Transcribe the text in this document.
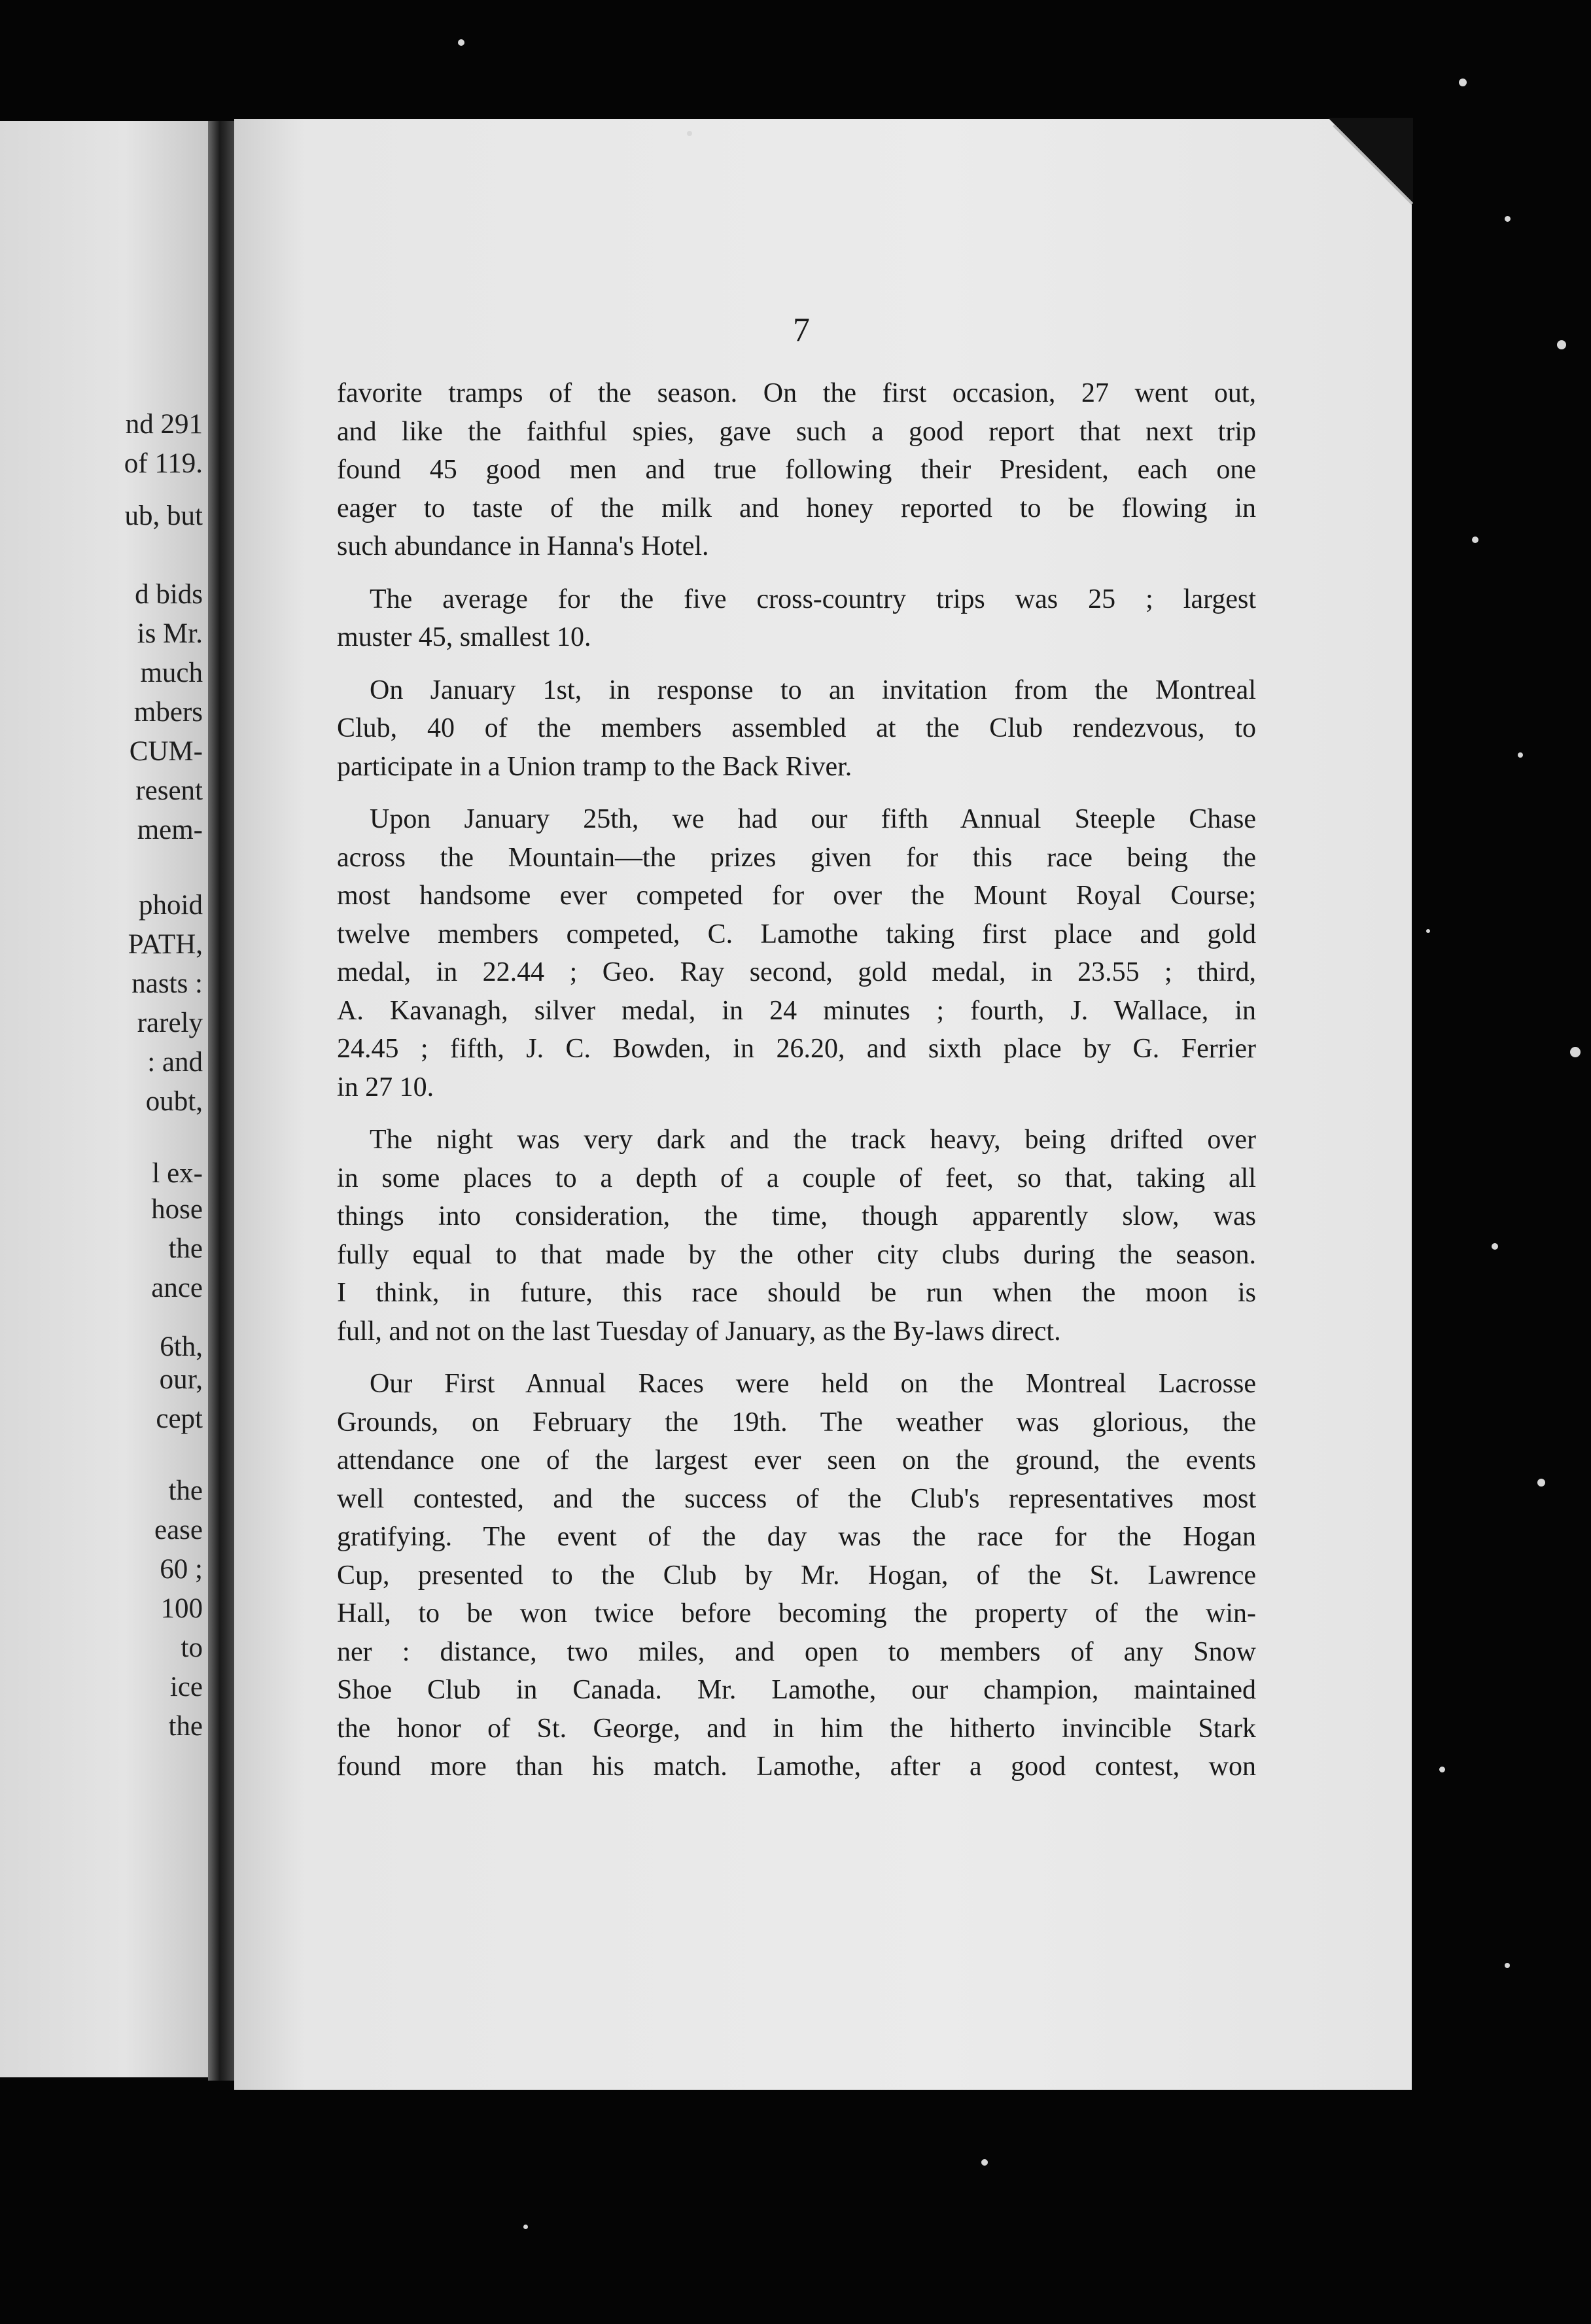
nd 291
of 119.
ub, but
d bids
is Mr.
much
mbers
CUM-
resent
mem-
phoid
PATH,
nasts :
rarely
: and
oubt,
l ex-
hose
the
ance
6th,
our,
cept
the
ease
60 ;
100
to
ice
the
7

favorite tramps of the season. On the first occasion, 27 went out,
and like the faithful spies, gave such a good report that next trip
found 45 good men and true following their President, each one
eager to taste of the milk and honey reported to be flowing in
such abundance in Hanna's Hotel.

The average for the five cross-country trips was 25 ; largest
muster 45, smallest 10.

On January 1st, in response to an invitation from the Montreal
Club, 40 of the members assembled at the Club rendezvous, to
participate in a Union tramp to the Back River.

Upon January 25th, we had our fifth Annual Steeple Chase
across the Mountain—the prizes given for this race being the
most handsome ever competed for over the Mount Royal Course;
twelve members competed, C. Lamothe taking first place and gold
medal, in 22.44 ; Geo. Ray second, gold medal, in 23.55 ; third,
A. Kavanagh, silver medal, in 24 minutes ; fourth, J. Wallace, in
24.45 ; fifth, J. C. Bowden, in 26.20, and sixth place by G. Ferrier
in 27 10.

The night was very dark and the track heavy, being drifted over
in some places to a depth of a couple of feet, so that, taking all
things into consideration, the time, though apparently slow, was
fully equal to that made by the other city clubs during the season.
I think, in future, this race should be run when the moon is
full, and not on the last Tuesday of January, as the By-laws direct.

Our First Annual Races were held on the Montreal Lacrosse
Grounds, on February the 19th. The weather was glorious, the
attendance one of the largest ever seen on the ground, the events
well contested, and the success of the Club's representatives most
gratifying. The event of the day was the race for the Hogan
Cup, presented to the Club by Mr. Hogan, of the St. Lawrence
Hall, to be won twice before becoming the property of the win-
ner : distance, two miles, and open to members of any Snow
Shoe Club in Canada. Mr. Lamothe, our champion, maintained
the honor of St. George, and in him the hitherto invincible Stark
found more than his match. Lamothe, after a good contest, won
